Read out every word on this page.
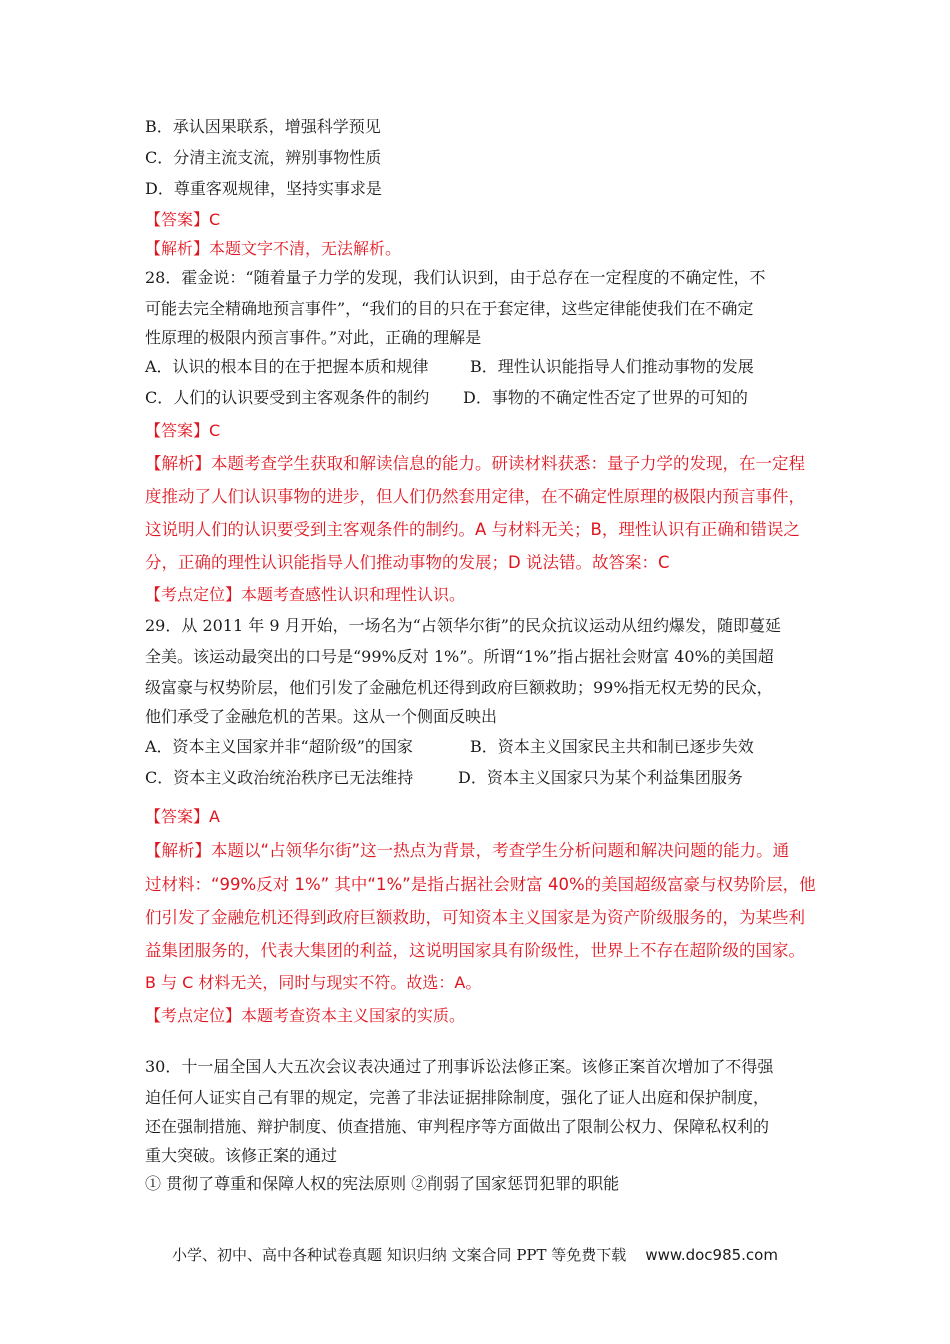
B．承认因果联系，增强科学预见
C．分清主流支流，辨别事物性质
D．尊重客观规律，坚持实事求是
【答案】C
【解析】本题文字不清，无法解析。
28．霍金说：“随着量子力学的发现，我们认识到，由于总存在一定程度的不确定性，不
可能去完全精确地预言事件”，“我们的目的只在于套定律，这些定律能使我们在不确定
性原理的极限内预言事件。”对此，正确的理解是
A．认识的根本目的在于把握本质和规律	B．理性认识能指导人们推动事物的发展
C．人们的认识要受到主客观条件的制约 D．事物的不确定性否定了世界的可知的
【答案】C
【解析】本题考查学生获取和解读信息的能力。研读材料获悉：量子力学的发现，在一定程
度推动了人们认识事物的进步，但人们仍然套用定律，在不确定性原理的极限内预言事件，
这说明人们的认识要受到主客观条件的制约。A 与材料无关；B，理性认识有正确和错误之
分，正确的理性认识能指导人们推动事物的发展；D 说法错。故答案：C
【考点定位】本题考查感性认识和理性认识。
29．从 2011 年 9 月开始，一场名为“占领华尔街”的民众抗议运动从纽约爆发，随即蔓延
全美。该运动最突出的口号是“99%反对 1%”。所谓“1%”指占据社会财富 40%的美国超
级富豪与权势阶层，他们引发了金融危机还得到政府巨额救助；99%指无权无势的民众，
他们承受了金融危机的苦果。这从一个侧面反映出
A．资本主义国家并非“超阶级”的国家	B．资本主义国家民主共和制已逐步失效
C．资本主义政治统治秩序已无法维持	D．资本主义国家只为某个利益集团服务
【答案】A
【解析】本题以“占领华尔街”这一热点为背景，考查学生分析问题和解决问题的能力。通
过材料：“99%反对 1%” 其中“1%”是指占据社会财富 40%的美国超级富豪与权势阶层，他
们引发了金融危机还得到政府巨额救助，可知资本主义国家是为资产阶级服务的，为某些利
益集团服务的，代表大集团的利益，这说明国家具有阶级性，世界上不存在超阶级的国家。
B 与 C 材料无关，同时与现实不符。故选：A。
【考点定位】本题考查资本主义国家的实质。
30．十一届全国人大五次会议表决通过了刑事诉讼法修正案。该修正案首次增加了不得强
迫任何人证实自己有罪的规定，完善了非法证据排除制度，强化了证人出庭和保护制度，
还在强制措施、辩护制度、侦查措施、审判程序等方面做出了限制公权力、保障私权利的
重大突破。该修正案的通过
① 贯彻了尊重和保障人权的宪法原则 ②削弱了国家惩罚犯罪的职能
小学、初中、高中各种试卷真题 知识归纳 文案合同 PPT 等免费下载 www.doc985.com
